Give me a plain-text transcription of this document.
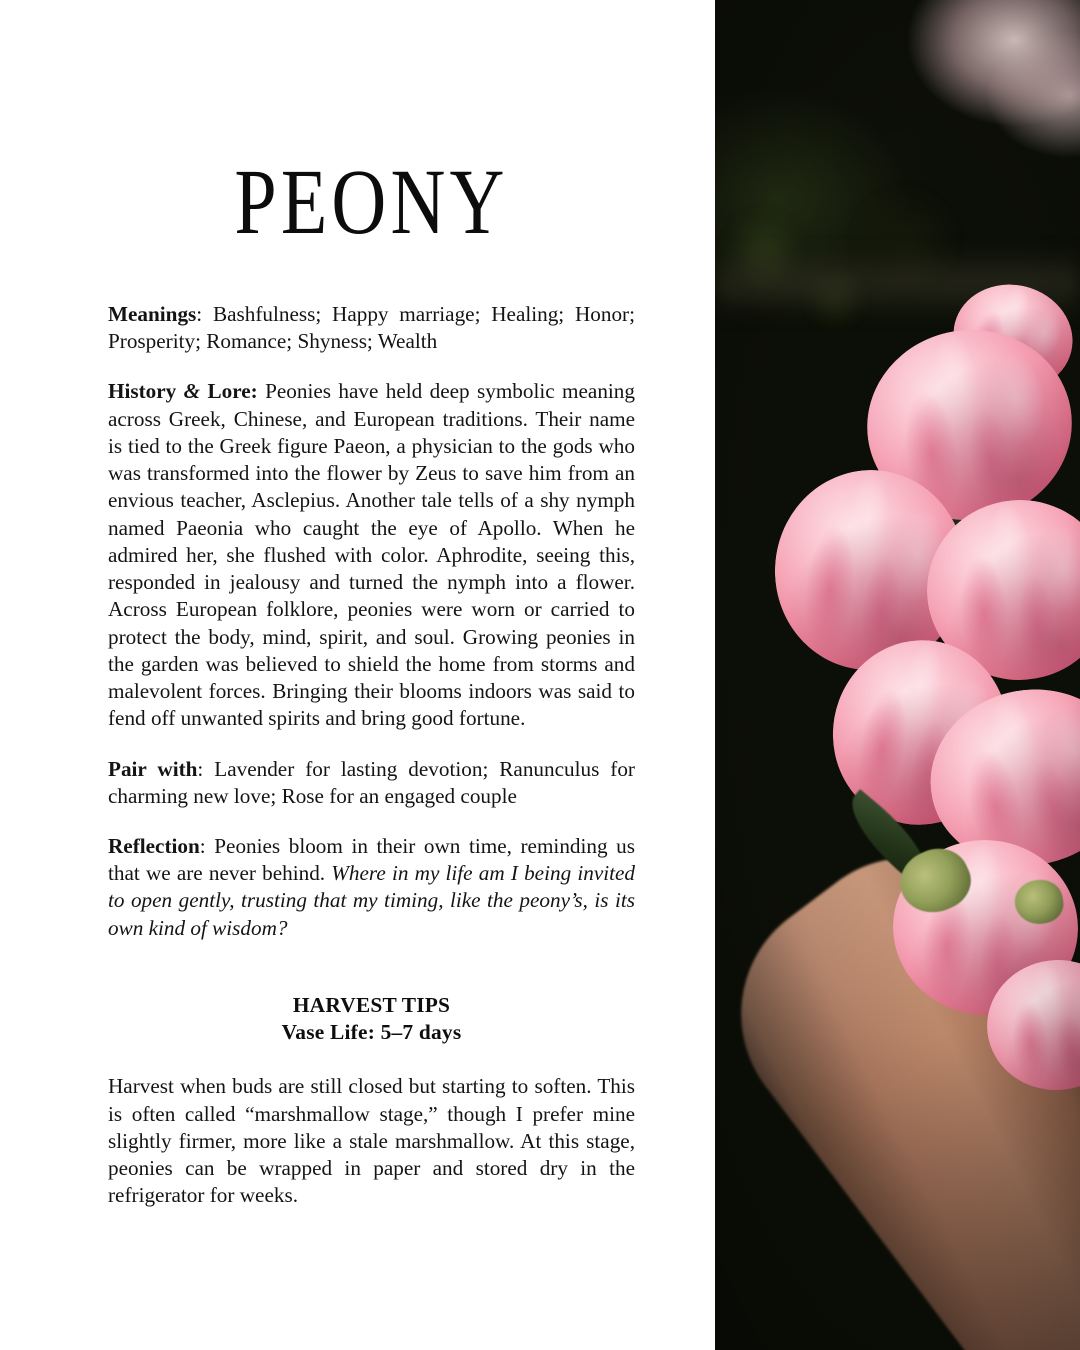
PEONY

Meanings: Bashfulness; Happy marriage; Healing; Honor; Prosperity; Romance; Shyness; Wealth

History & Lore: Peonies have held deep symbolic meaning across Greek, Chinese, and European traditions. Their name is tied to the Greek figure Paeon, a physician to the gods who was transformed into the flower by Zeus to save him from an envious teacher, Asclepius. Another tale tells of a shy nymph named Paeonia who caught the eye of Apollo. When he admired her, she flushed with color. Aphrodite, seeing this, responded in jealousy and turned the nymph into a flower. Across European folklore, peonies were worn or carried to protect the body, mind, spirit, and soul. Growing peonies in the garden was believed to shield the home from storms and malevolent forces. Bringing their blooms indoors was said to fend off unwanted spirits and bring good fortune.

Pair with: Lavender for lasting devotion; Ranunculus for charming new love; Rose for an engaged couple

Reflection: Peonies bloom in their own time, reminding us that we are never behind. Where in my life am I being invited to open gently, trusting that my timing, like the peony’s, is its own kind of wisdom?

HARVEST TIPS

Vase Life: 5–7 days

Harvest when buds are still closed but starting to soften. This is often called “marshmallow stage,” though I prefer mine slightly firmer, more like a stale marshmallow. At this stage, peonies can be wrapped in paper and stored dry in the refrigerator for weeks.
